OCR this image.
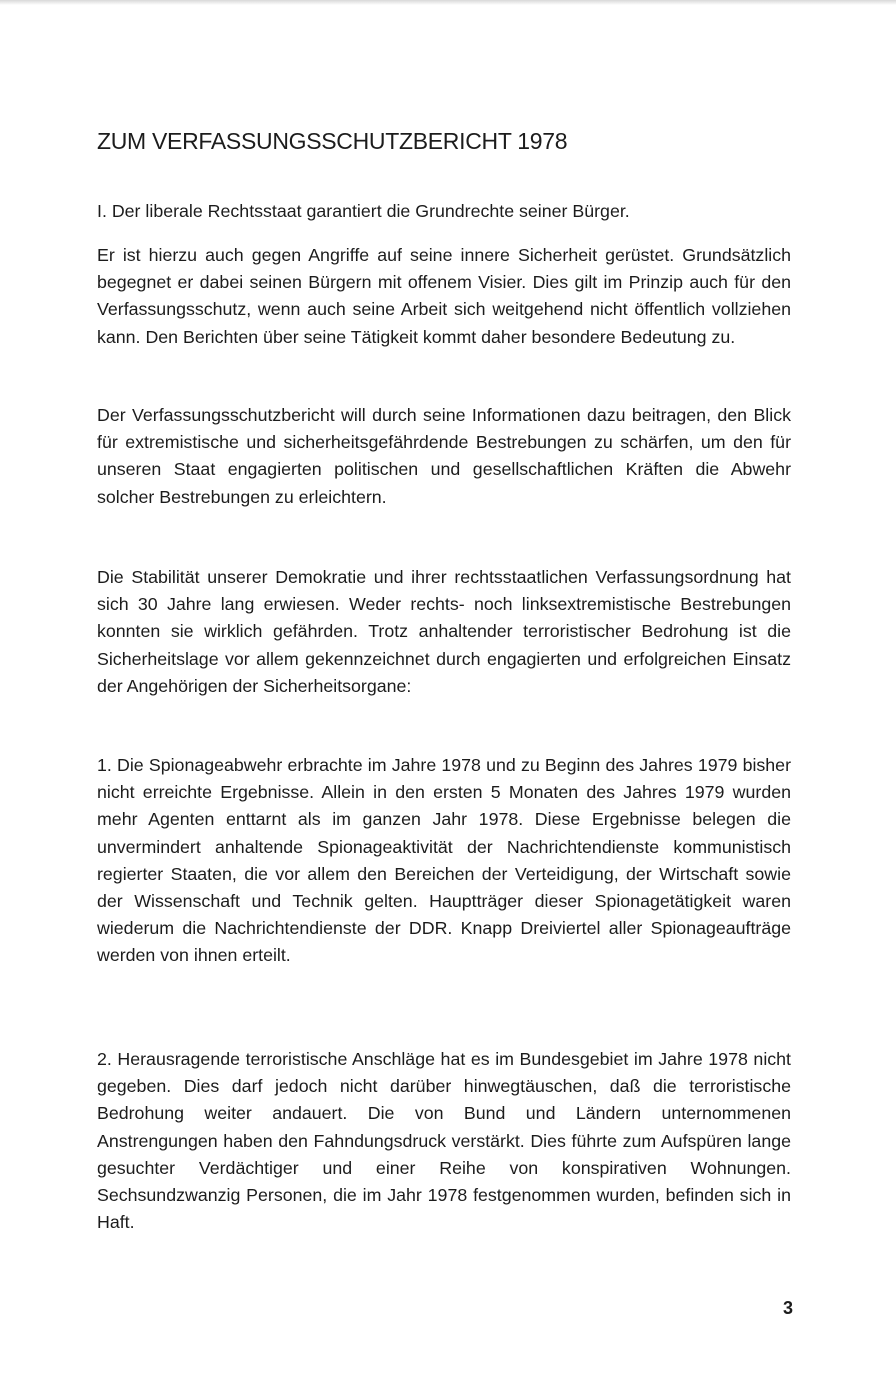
ZUM VERFASSUNGSSCHUTZBERICHT 1978

I. Der liberale Rechtsstaat garantiert die Grundrechte seiner Bürger.

Er ist hierzu auch gegen Angriffe auf seine innere Sicherheit gerüstet. Grundsätzlich begegnet er dabei seinen Bürgern mit offenem Visier. Dies gilt im Prinzip auch für den Verfassungsschutz, wenn auch seine Arbeit sich weitgehend nicht öffentlich vollziehen kann. Den Berichten über seine Tätigkeit kommt daher besondere Bedeutung zu.

Der Verfassungsschutzbericht will durch seine Informationen dazu beitragen, den Blick für extremistische und sicherheitsgefährdende Bestrebungen zu schärfen, um den für unseren Staat engagierten politischen und gesellschaftlichen Kräften die Abwehr solcher Bestrebungen zu erleichtern.

Die Stabilität unserer Demokratie und ihrer rechtsstaatlichen Verfassungsordnung hat sich 30 Jahre lang erwiesen. Weder rechts- noch linksextremistische Bestrebungen konnten sie wirklich gefährden. Trotz anhaltender terroristischer Bedrohung ist die Sicherheitslage vor allem gekennzeichnet durch engagierten und erfolgreichen Einsatz der Angehörigen der Sicherheitsorgane:

1. Die Spionageabwehr erbrachte im Jahre 1978 und zu Beginn des Jahres 1979 bisher nicht erreichte Ergebnisse. Allein in den ersten 5 Monaten des Jahres 1979 wurden mehr Agenten enttarnt als im ganzen Jahr 1978. Diese Ergebnisse belegen die unvermindert anhaltende Spionageaktivität der Nachrichtendienste kommunistisch regierter Staaten, die vor allem den Bereichen der Verteidigung, der Wirtschaft sowie der Wissenschaft und Technik gelten. Hauptträger dieser Spionagetätigkeit waren wiederum die Nachrichtendienste der DDR. Knapp Dreiviertel aller Spionageaufträge werden von ihnen erteilt.

2. Herausragende terroristische Anschläge hat es im Bundesgebiet im Jahre 1978 nicht gegeben. Dies darf jedoch nicht darüber hinwegtäuschen, daß die terroristische Bedrohung weiter andauert. Die von Bund und Ländern unternommenen Anstrengungen haben den Fahndungsdruck verstärkt. Dies führte zum Aufspüren lange gesuchter Verdächtiger und einer Reihe von konspirativen Wohnungen. Sechsundzwanzig Personen, die im Jahr 1978 festgenommen wurden, befinden sich in Haft.

3
